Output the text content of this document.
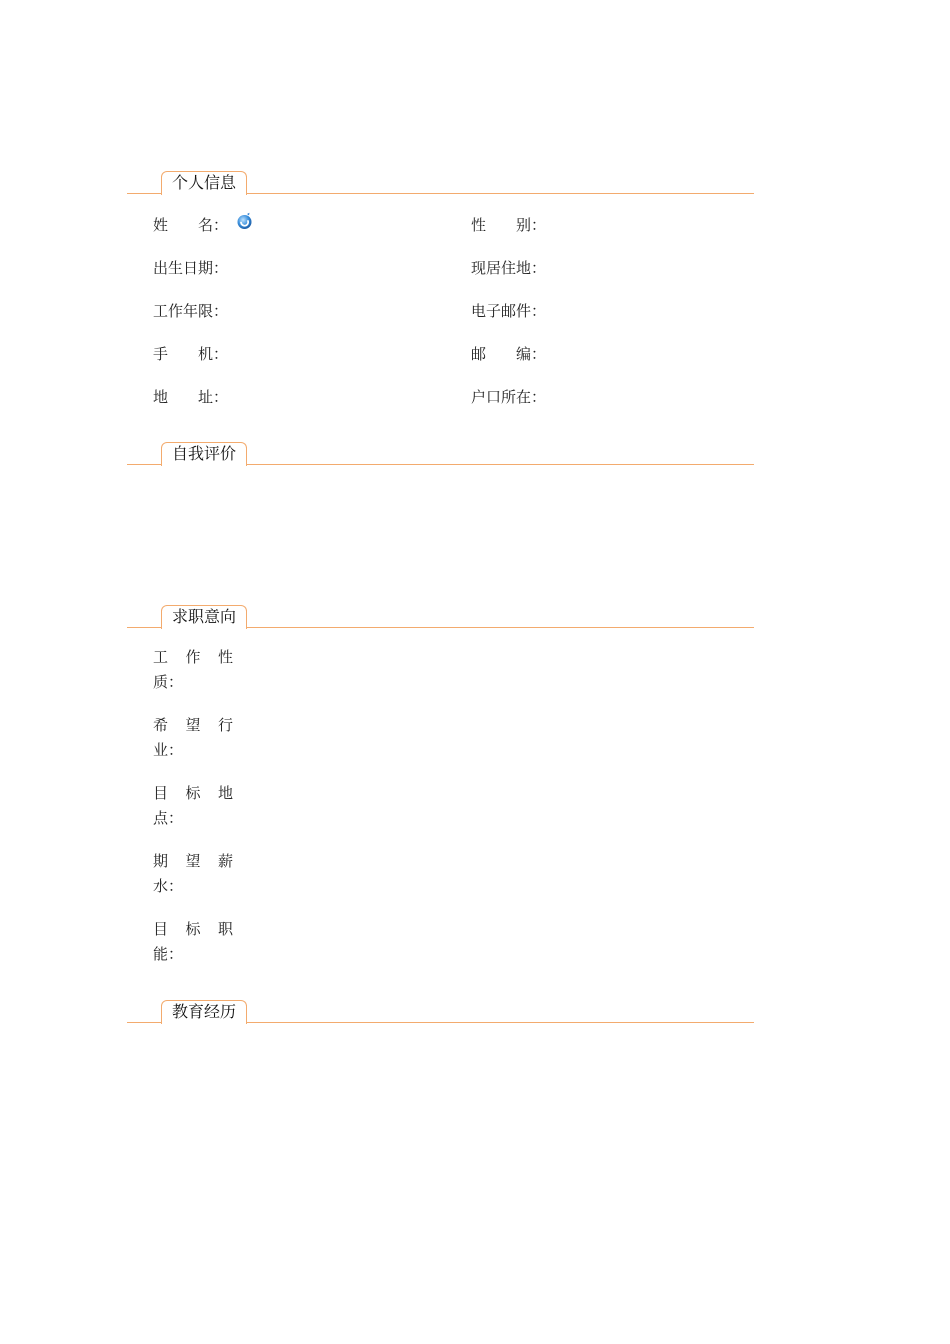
个人信息
姓　　名：	性　　别：
出生日期：	现居住地：
工作年限：	电子邮件：
手　　机：	邮　　编：
地　　址：	户口所在：
自我评价
求职意向
工 作 性
质：
希 望 行
业：
目 标 地
点：
期 望 薪
水：
目 标 职
能：
教育经历
